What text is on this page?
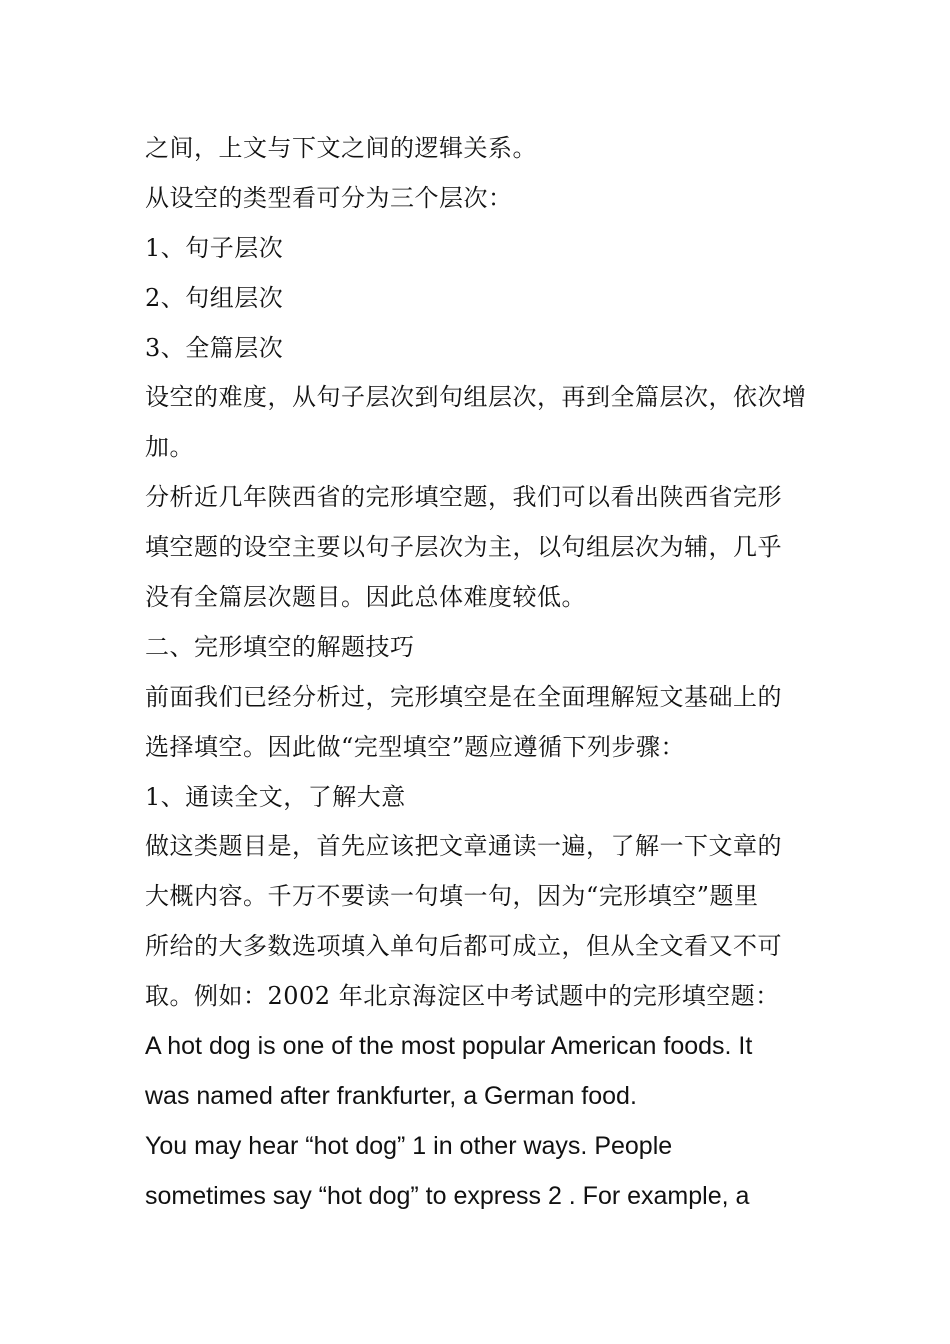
之间，上文与下文之间的逻辑关系。
从设空的类型看可分为三个层次：
1、句子层次
2、句组层次
3、全篇层次
设空的难度，从句子层次到句组层次，再到全篇层次，依次增
加。
分析近几年陕西省的完形填空题，我们可以看出陕西省完形
填空题的设空主要以句子层次为主，以句组层次为辅，几乎
没有全篇层次题目。因此总体难度较低。
二、完形填空的解题技巧
前面我们已经分析过，完形填空是在全面理解短文基础上的
选择填空。因此做“完型填空”题应遵循下列步骤：
1、通读全文，了解大意
做这类题目是，首先应该把文章通读一遍，了解一下文章的
大概内容。千万不要读一句填一句，因为“完形填空”题里
所给的大多数选项填入单句后都可成立，但从全文看又不可
取。例如：2002 年北京海淀区中考试题中的完形填空题：
A hot dog is one of the most popular American foods. It
was named after frankfurter, a German food.
You may hear “hot dog” 1 in other ways. People
sometimes say “hot dog” to express 2 . For example, a
